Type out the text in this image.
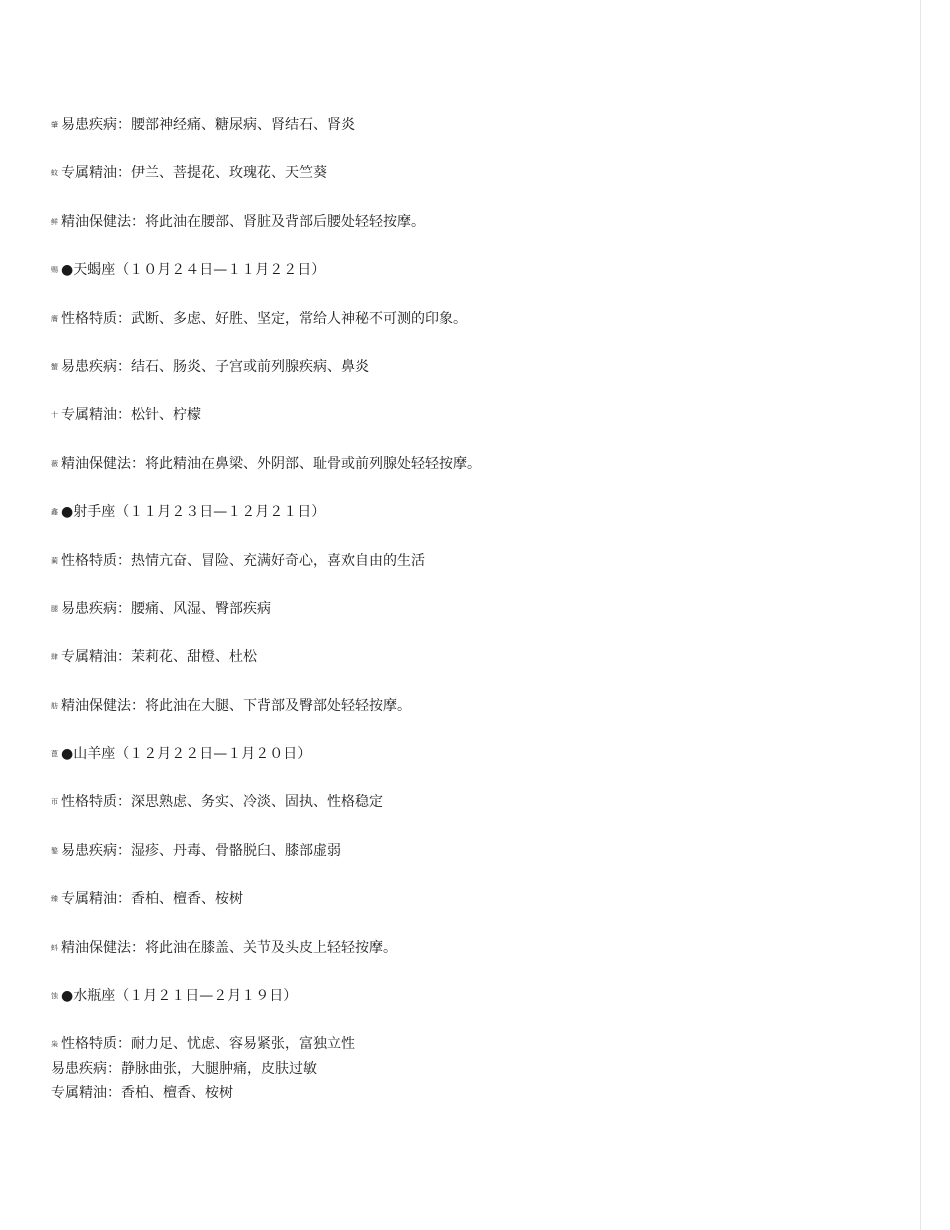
肇 易患疾病：腰部神经痛、糖尿病、肾结石、肾炎
蚊 专属精油：伊兰、菩提花、玫瑰花、天竺葵
鲜 精油保健法：将此油在腰部、肾脏及背部后腰处轻轻按摩。
赐 ●天蝎座（１０月２４日—１１月２２日）
膺 性格特质：武断、多虑、好胜、坚定，常给人神秘不可测的印象。
蟹 易患疾病：结石、肠炎、子宫或前列腺疾病、鼻炎
十 专属精油：松针、柠檬
薇 精油保健法：将此精油在鼻梁、外阴部、耻骨或前列腺处轻轻按摩。
鑫 ●射手座（１１月２３日—１２月２１日）
蔺 性格特质：热情亢奋、冒险、充满好奇心，喜欢自由的生活
腿 易患疾病：腰痛、风湿、臀部疾病
肆 专属精油：茉莉花、甜橙、杜松
舫 精油保健法：将此油在大腿、下背部及臀部处轻轻按摩。
蓖 ●山羊座（１２月２２日—１月２０日）
帀 性格特质：深思熟虑、务实、冷淡、固执、性格稳定
鏊 易患疾病：湿疹、丹毒、骨骼脱臼、膝部虚弱
臻 专属精油：香柏、檀香、桉树
蚪 精油保健法：将此油在膝盖、关节及头皮上轻轻按摩。
蚀 ●水瓶座（１月２１日—２月１９日）
枭 性格特质：耐力足、忧虑、容易紧张，富独立性
易患疾病：静脉曲张，大腿肿痛，皮肤过敏
专属精油：香柏、檀香、桉树
